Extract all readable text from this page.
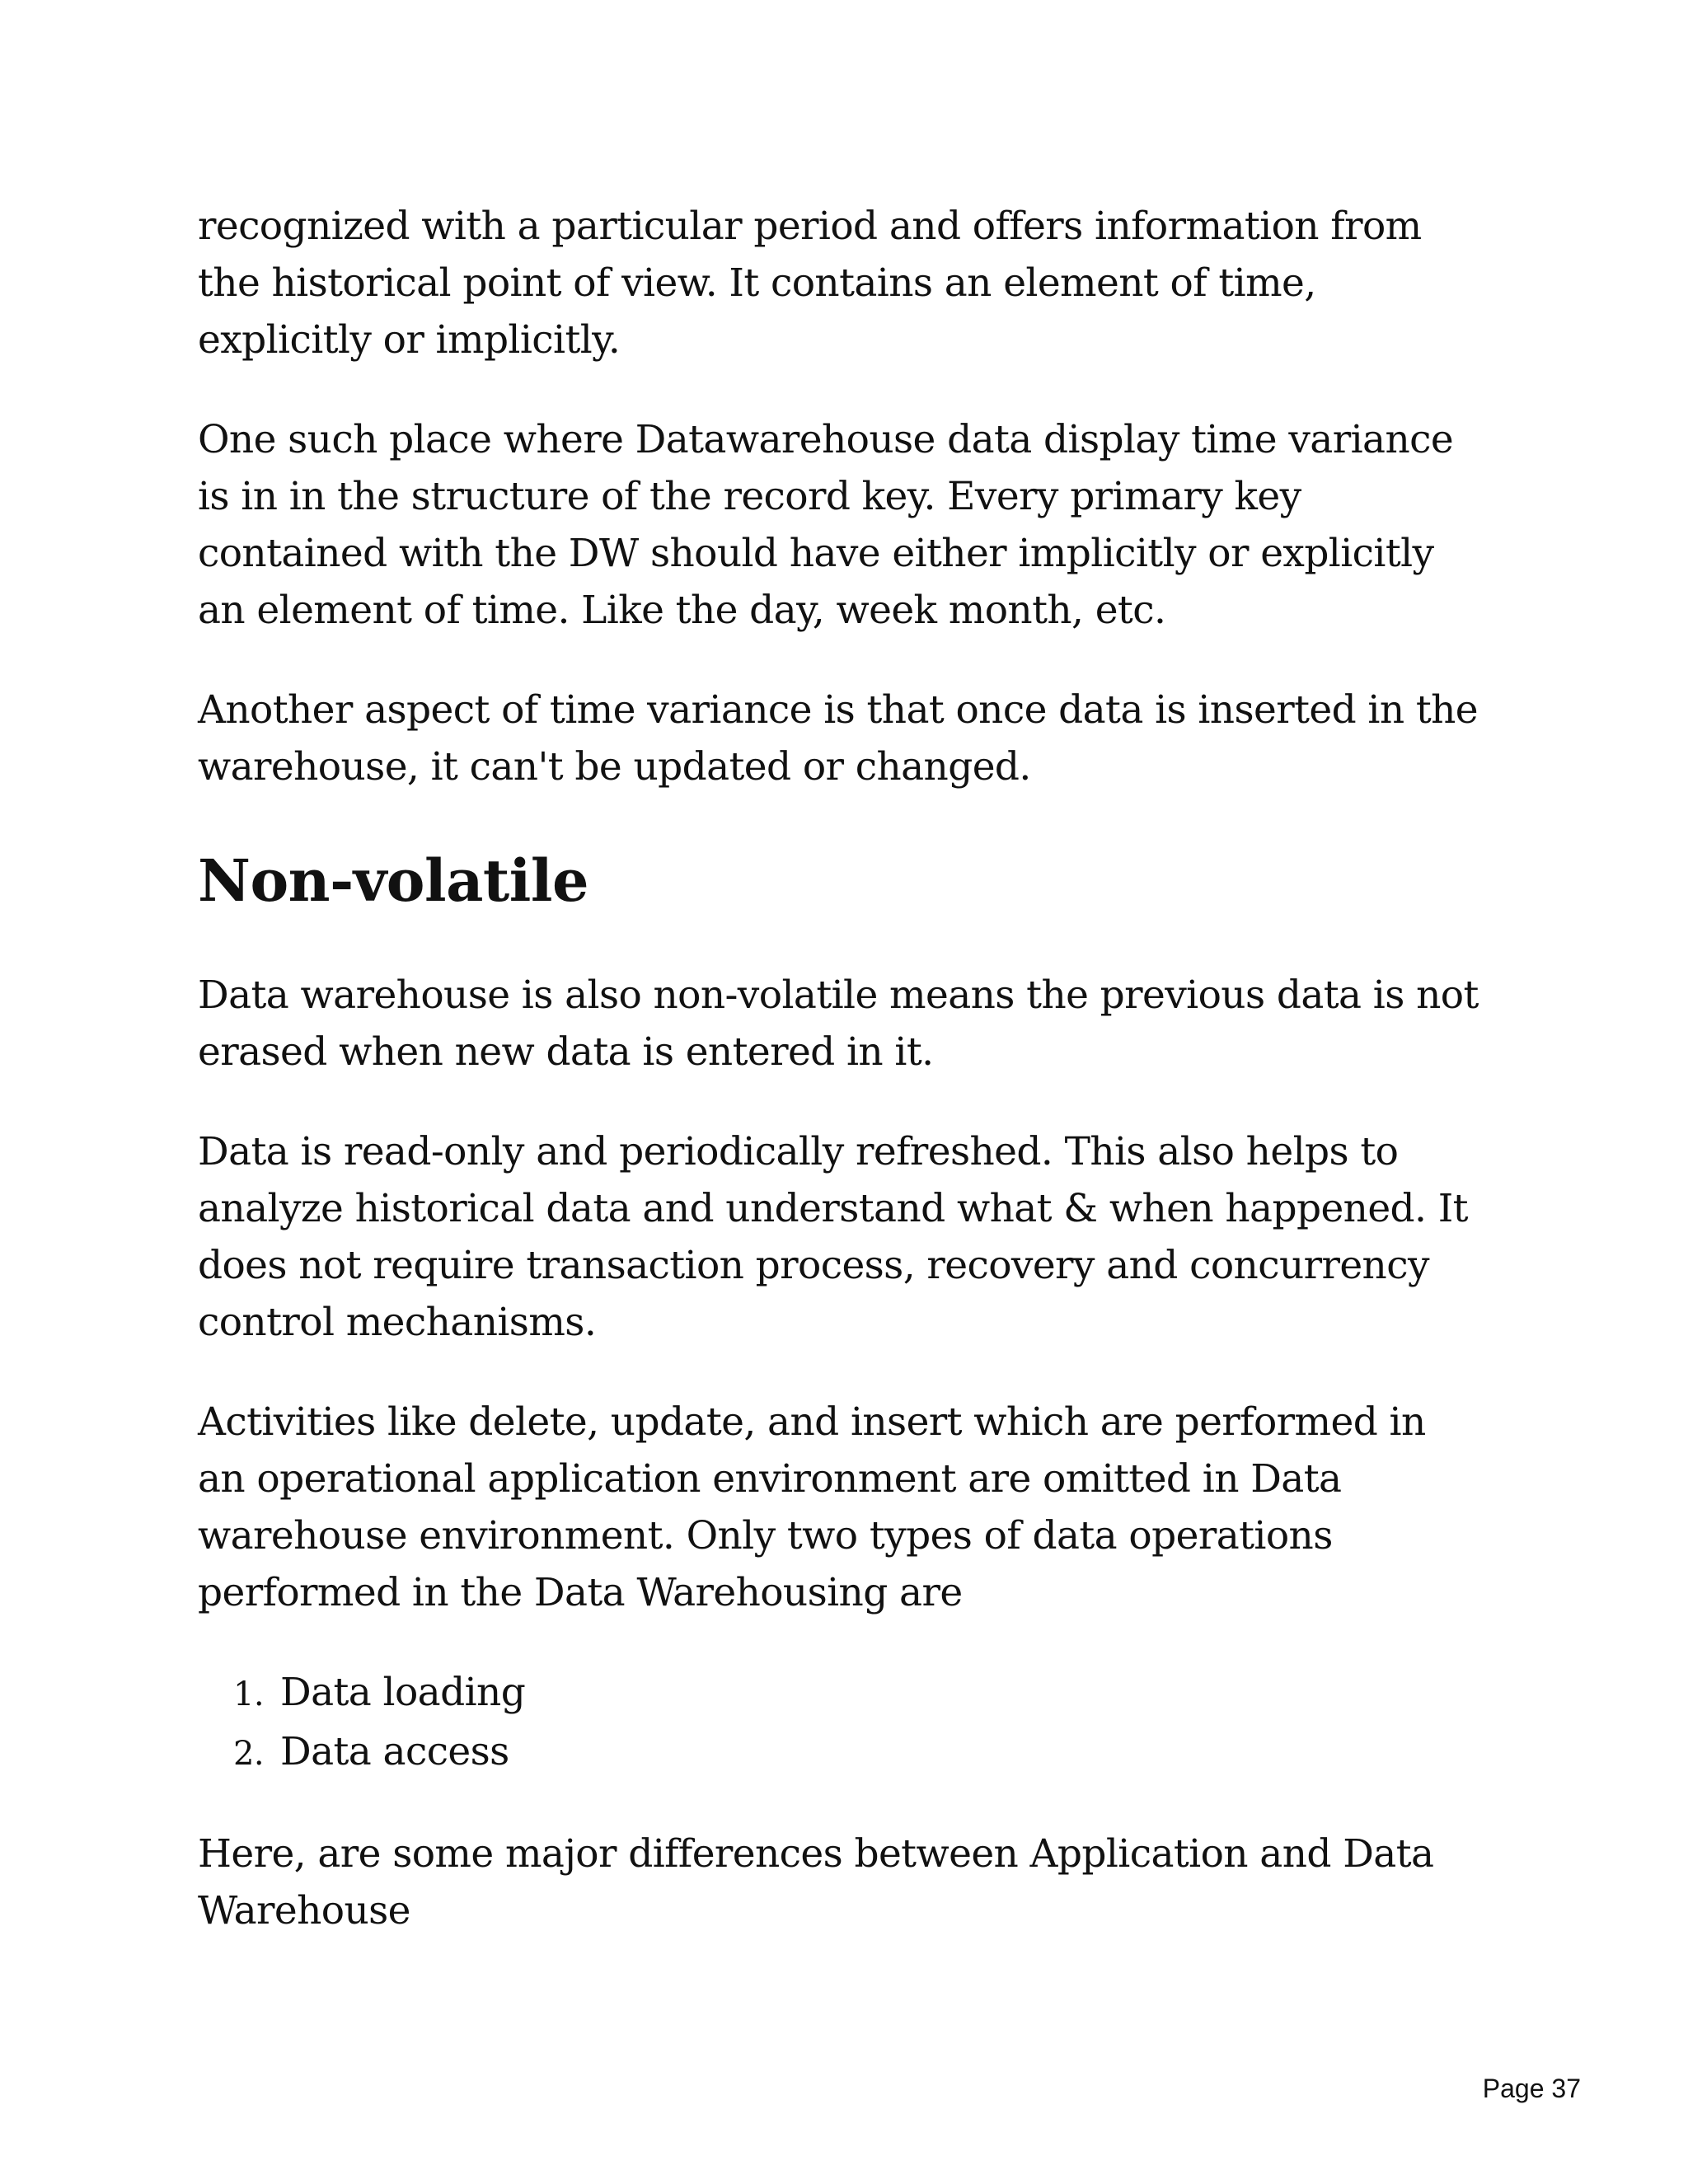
recognized with a particular period and offers information from the historical point of view. It contains an element of time, explicitly or implicitly.

One such place where Datawarehouse data display time variance is in in the structure of the record key. Every primary key contained with the DW should have either implicitly or explicitly an element of time. Like the day, week month, etc.

Another aspect of time variance is that once data is inserted in the warehouse, it can't be updated or changed.

Non-volatile

Data warehouse is also non-volatile means the previous data is not erased when new data is entered in it.

Data is read-only and periodically refreshed. This also helps to analyze historical data and understand what & when happened. It does not require transaction process, recovery and concurrency control mechanisms.

Activities like delete, update, and insert which are performed in an operational application environment are omitted in Data warehouse environment. Only two types of data operations performed in the Data Warehousing are

1. Data loading
2. Data access

Here, are some major differences between Application and Data Warehouse

Page 37
